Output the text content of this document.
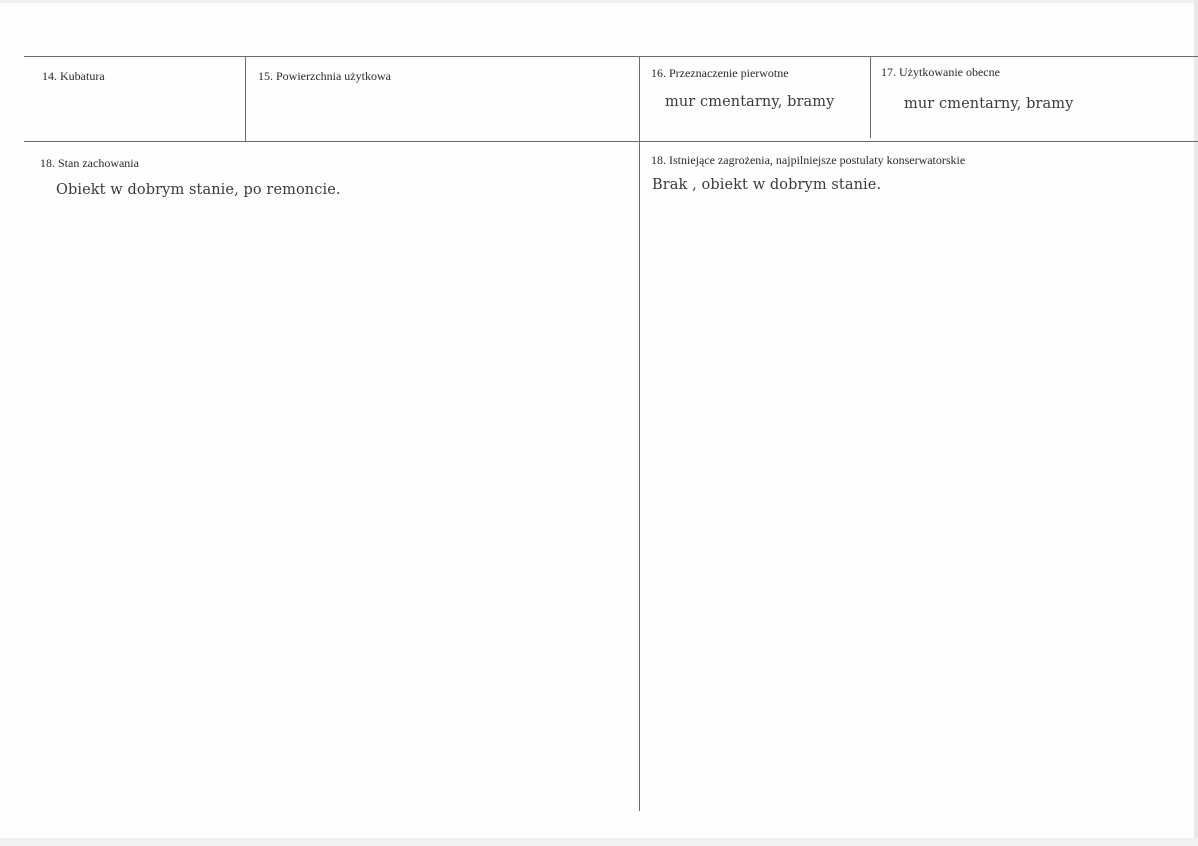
14. Kubatura	15. Powierzchnia użytkowa	16. Przeznaczenie pierwotne
mur cmentarny, bramy
17. Użytkowanie obecne
mur cmentarny, bramy
18. Stan zachowania
Obiekt w dobrym stanie, po remoncie.
18. Istniejące zagrożenia, najpilniejsze postulaty konserwatorskie
Brak , obiekt w dobrym stanie.
